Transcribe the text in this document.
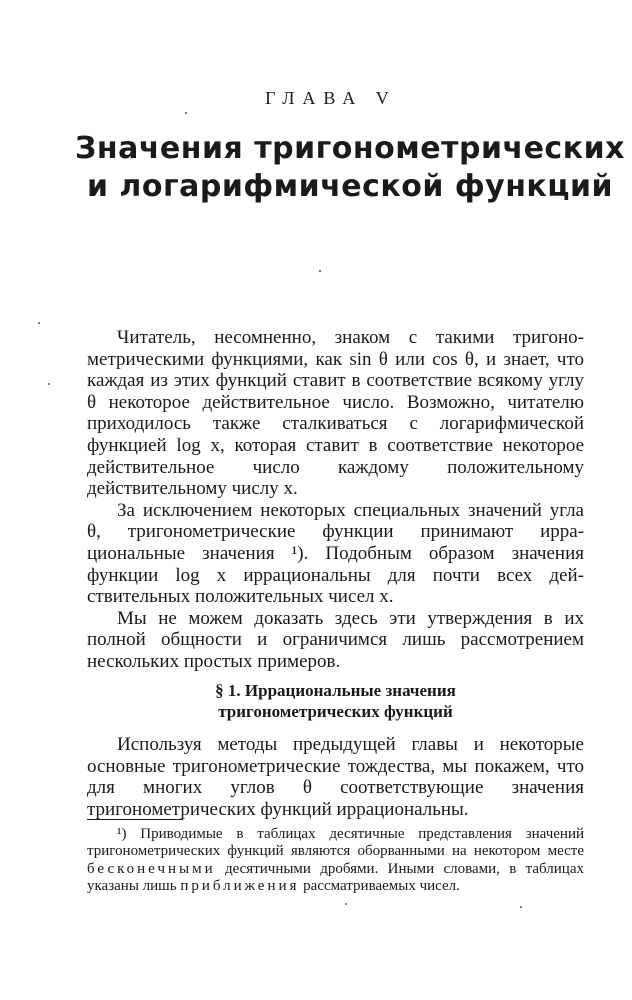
ГЛАВА V
Значения тригонометрических
и логарифмической функций

Читатель, несомненно, знаком с такими тригонометрическими функциями, как sin θ или cos θ, и знает, что каждая из этих функций ставит в соответствие всякому углу θ некоторое действительное число. Возможно, читателю приходилось также сталкиваться с логарифмической функцией log x, которая ставит в соответствие некоторое действительное число каждому положительному действительному числу x.

За исключением некоторых специальных значений угла θ, тригонометрические функции принимают иррациональные значения ¹). Подобным образом значения функции log x иррациональны для почти всех действительных положительных чисел x.

Мы не можем доказать здесь эти утверждения в их полной общности и ограничимся лишь рассмотрением нескольких простых примеров.

§ 1. Иррациональные значения
тригонометрических функций

Используя методы предыдущей главы и некоторые основные тригонометрические тождества, мы покажем, что для многих углов θ соответствующие значения тригонометрических функций иррациональны.

¹) Приводимые в таблицах десятичные представления значений тригонометрических функций являются оборванными на некотором месте бесконечными десятичными дробями. Иными словами, в таблицах указаны лишь приближения рассматриваемых чисел.
